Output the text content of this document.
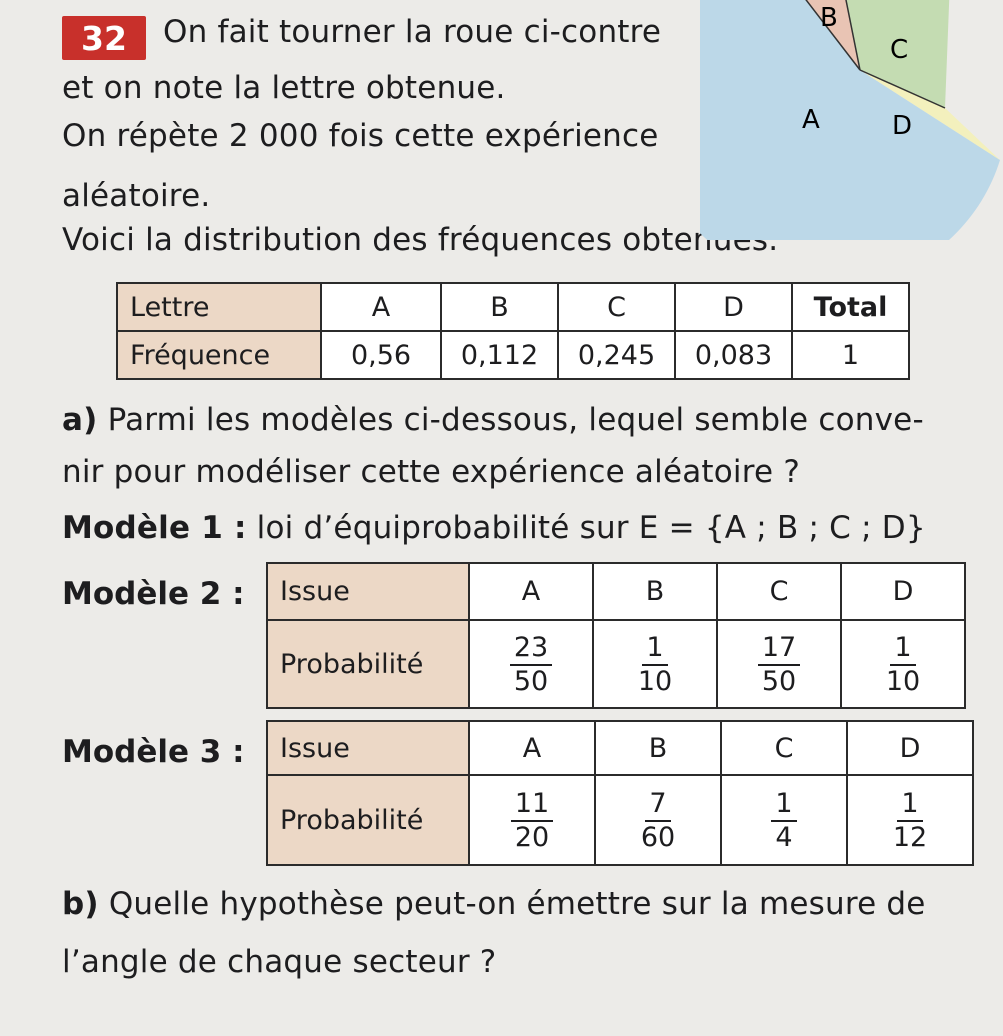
32	On fait tourner la roue ci-contre
et on note la lettre obtenue.
On répète 2 000 fois cette expérience
aléatoire.
Voici la distribution des fréquences obtenues.
A
B
C
D
Lettre	A	B	C	D	Total
Fréquence	0,56	0,112	0,245	0,083	1
a) Parmi les modèles ci-dessous, lequel semble conve-
nir pour modéliser cette expérience aléatoire ?
Modèle 1 : loi d’équiprobabilité sur E = {A ; B ; C ; D}
Modèle 2 : Issue	A	B	C	D
Probabilité	$\frac{23}{50}$	$\frac{1}{10}$	$\frac{17}{50}$	$\frac{1}{10}$
Modèle 3 : Issue	A	B	C	D
Probabilité	$\frac{11}{20}$	$\frac{7}{60}$	$\frac{1}{4}$	$\frac{1}{12}$
b) Quelle hypothèse peut-on émettre sur la mesure de
l’angle de chaque secteur ?
